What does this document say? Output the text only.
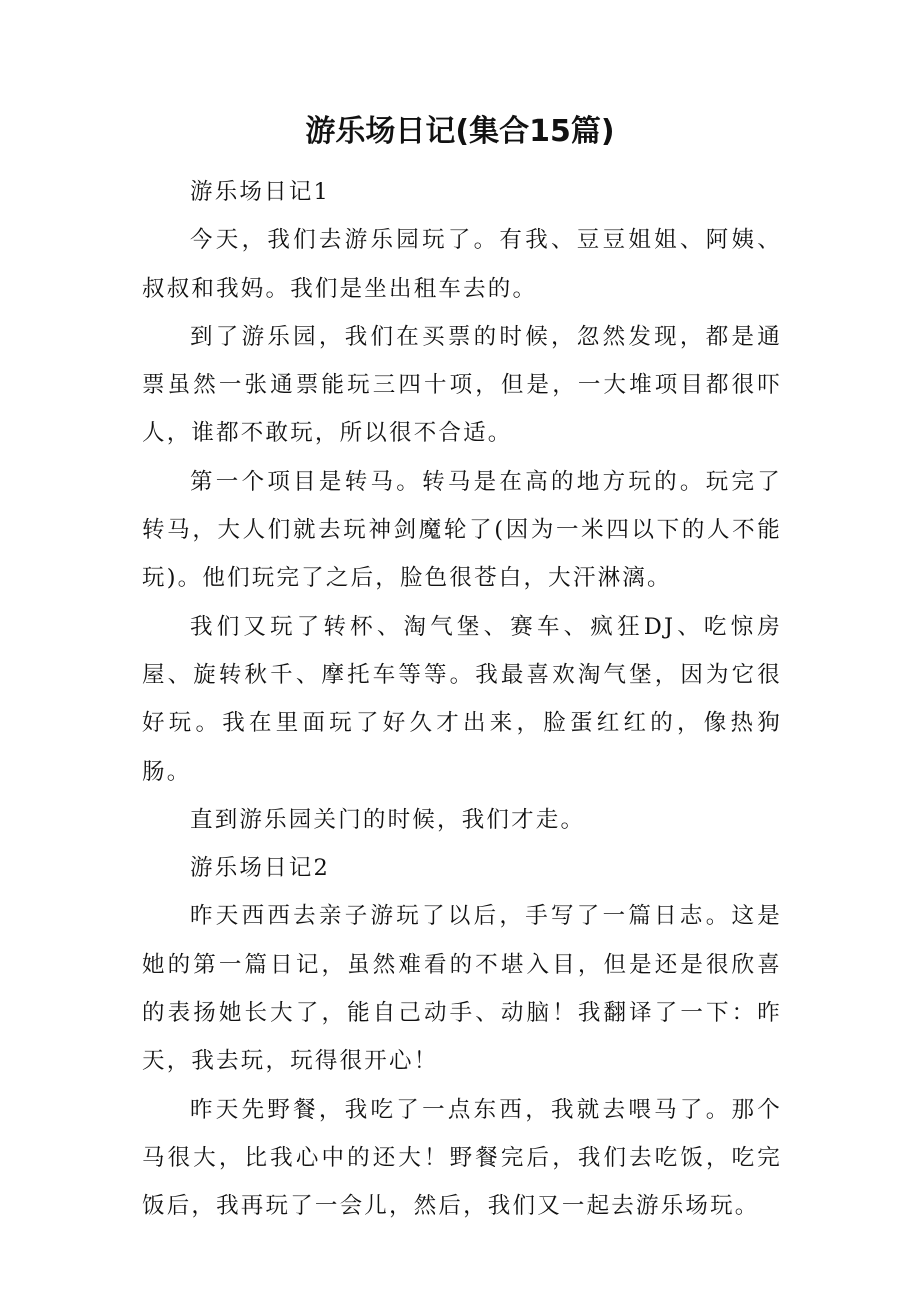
游乐场日记(集合15篇)

游乐场日记1

今天，我们去游乐园玩了。有我、豆豆姐姐、阿姨、叔叔和我妈。我们是坐出租车去的。

到了游乐园，我们在买票的时候，忽然发现，都是通票虽然一张通票能玩三四十项，但是，一大堆项目都很吓人，谁都不敢玩，所以很不合适。

第一个项目是转马。转马是在高的地方玩的。玩完了转马，大人们就去玩神剑魔轮了(因为一米四以下的人不能玩)。他们玩完了之后，脸色很苍白，大汗淋漓。

我们又玩了转杯、淘气堡、赛车、疯狂DJ、吃惊房屋、旋转秋千、摩托车等等。我最喜欢淘气堡，因为它很好玩。我在里面玩了好久才出来，脸蛋红红的，像热狗肠。

直到游乐园关门的时候，我们才走。

游乐场日记2

昨天西西去亲子游玩了以后，手写了一篇日志。这是她的第一篇日记，虽然难看的不堪入目，但是还是很欣喜的表扬她长大了，能自己动手、动脑！我翻译了一下：昨天，我去玩，玩得很开心！

昨天先野餐，我吃了一点东西，我就去喂马了。那个马很大，比我心中的还大！野餐完后，我们去吃饭，吃完饭后，我再玩了一会儿，然后，我们又一起去游乐场玩。
